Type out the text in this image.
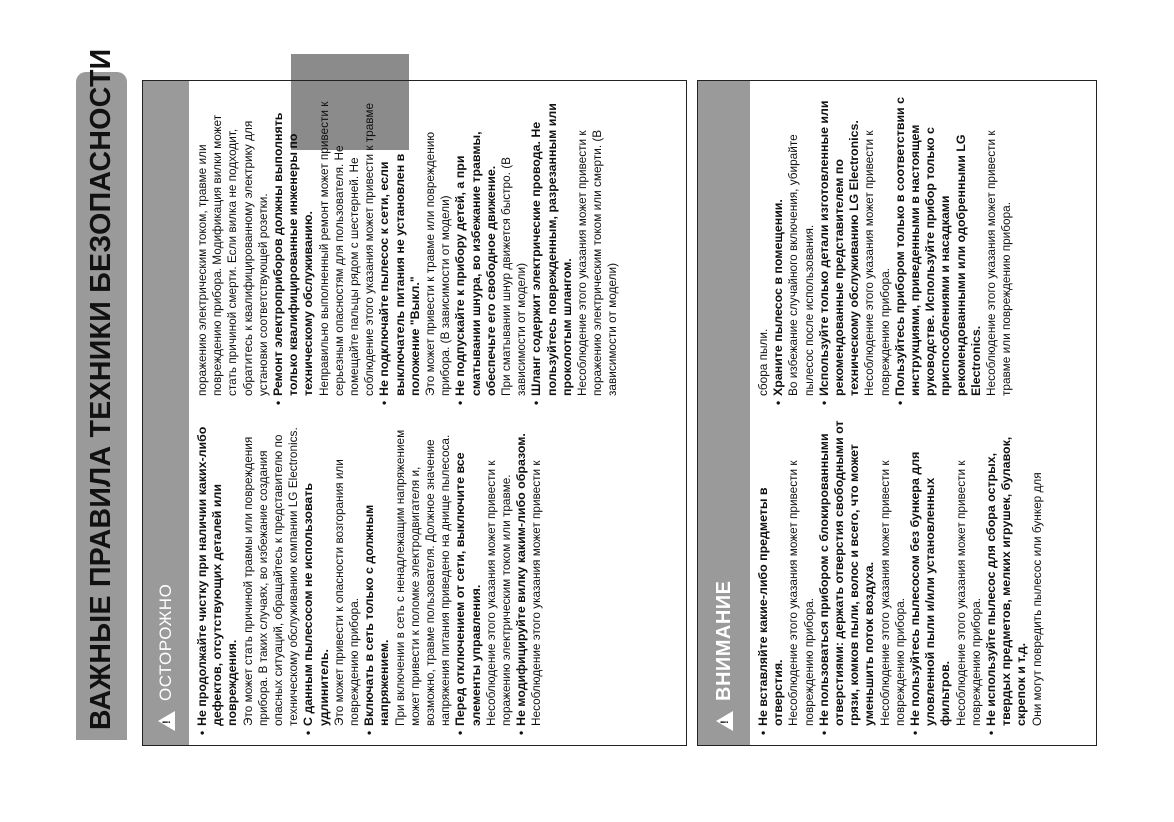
ВАЖНЫЕ ПРАВИЛА ТЕХНИКИ БЕЗОПАСНОСТИ	!
ОСТОРОЖНО • Не продолжайте чистку при наличии каких-либо дефектов, отсутствующих деталей или повреждения. Это может стать причиной травмы или повреждения прибора. В таких случаях, во избежание создания опасных ситуаций, обращайтесь к представителю по техническому обслуживанию компании LG Electronics. • С данным пылесосом не использовать удлинитель. Это может привести к опасности возгорания или повреждению прибора. • Включать в сеть только с должным напряжением. При включении в сеть с ненадлежащим напряжением может привести к поломке электродвигателя и, возможно, травме пользователя. Должное значение напряжения питания приведено на днище пылесоса. • Перед отключением от сети, выключите все элементы управления. Несоблюдение этого указания может привести к поражению электрическим током или травме. • Не модифицируйте вилку каким-либо образом. Несоблюдение этого указания может привести к
поражению электрическим током, травме или повреждению прибора. Модификация вилки может стать причиной смерти. Если вилка не подходит, обратитесь к квалифицированному электрику для установки соответствующей розетки. • Ремонт электроприборов должны выполнять только квалифицированные инженеры по техническому обслуживанию. Неправильно выполненный ремонт может привести к серьезным опасностям для пользователя. Не помещайте пальцы рядом с шестерней. Не соблюдение этого указания может привести к травме • Не подключайте пылесос к сети, если выключатель питания не установлен в положение "Выкл." Это может привести к травме или повреждению прибора. (В зависимости от модели) • Не подпускайте к прибору детей, а при сматывании шнура, во избежание травмы, обеспечьте его свободное движение. При сматывании шнур движется быстро. (В зависимости от модели) • Шланг содержит электрические провода. Не пользуйтесь поврежденным, разрезанным или проколотым шлангом. Несоблюдение этого указания может привести к поражению электрическим током или смерти. (В зависимости от модели)
!
ВНИМАНИЕ • Не вставляйте какие-либо предметы в отверстия. Несоблюдение этого указания может привести к повреждению прибора. • Не пользоваться прибором с блокированными отверстиями: держать отверстия свободными от грязи, комков пыли, волос и всего, что может уменьшить поток воздуха. Несоблюдение этого указания может привести к повреждению прибора. • Не пользуйтесь пылесосом без бункера для уловленной пыли и/или установленных фильтров. Несоблюдение этого указания может привести к повреждению прибора. • Не используйте пылесос для сбора острых, твердых предметов, мелких игрушек, булавок, скрепок и т.д. Они могут повредить пылесос или бункер для
сбора пыли. • Храните пылесос в помещении. Во избежание случайного включения, убирайте пылесос после использования. • Используйте только детали изготовленные или рекомендованные представителем по техническому обслуживанию LG Electronics. Несоблюдение этого указания может привести к повреждению прибора. • Пользуйтесь прибором только в соответствии с инструкциями, приведенными в настоящем руководстве. Используйте прибор только с приспособлениями и насадками рекомендованными или одобренными LG Electronics. Несоблюдение этого указания может привести к травме или повреждению прибора.
